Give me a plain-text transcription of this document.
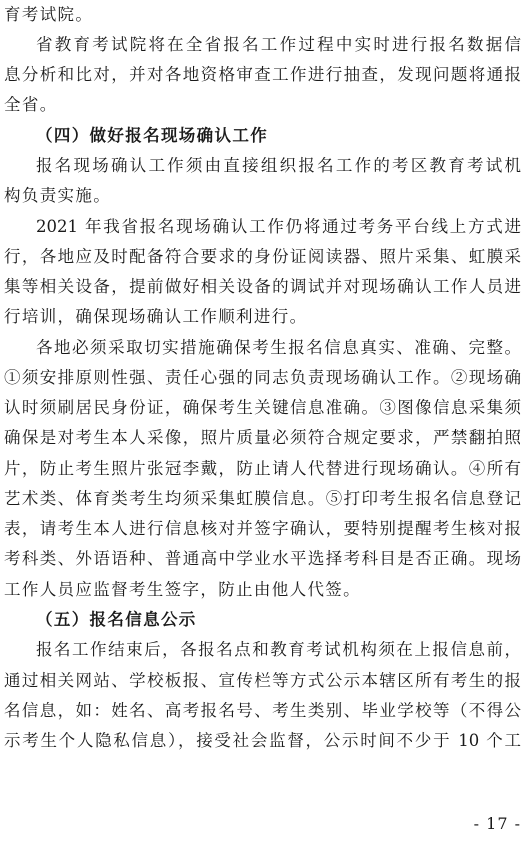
育考试院。
省教育考试院将在全省报名工作过程中实时进行报名数据信
息分析和比对，并对各地资格审查工作进行抽查，发现问题将通报
全省。
（四）做好报名现场确认工作
报名现场确认工作须由直接组织报名工作的考区教育考试机
构负责实施。
2021 年我省报名现场确认工作仍将通过考务平台线上方式进
行，各地应及时配备符合要求的身份证阅读器、照片采集、虹膜采
集等相关设备，提前做好相关设备的调试并对现场确认工作人员进
行培训，确保现场确认工作顺利进行。
各地必须采取切实措施确保考生报名信息真实、准确、完整。
①须安排原则性强、责任心强的同志负责现场确认工作。②现场确
认时须刷居民身份证，确保考生关键信息准确。③图像信息采集须
确保是对考生本人采像，照片质量必须符合规定要求，严禁翻拍照
片，防止考生照片张冠李戴，防止请人代替进行现场确认。④所有
艺术类、体育类考生均须采集虹膜信息。⑤打印考生报名信息登记
表，请考生本人进行信息核对并签字确认，要特别提醒考生核对报
考科类、外语语种、普通高中学业水平选择考科目是否正确。现场
工作人员应监督考生签字，防止由他人代签。
（五）报名信息公示
报名工作结束后，各报名点和教育考试机构须在上报信息前，
通过相关网站、学校板报、宣传栏等方式公示本辖区所有考生的报
名信息，如：姓名、高考报名号、考生类别、毕业学校等（不得公
示考生个人隐私信息），接受社会监督，公示时间不少于 10 个工
- 17 -
